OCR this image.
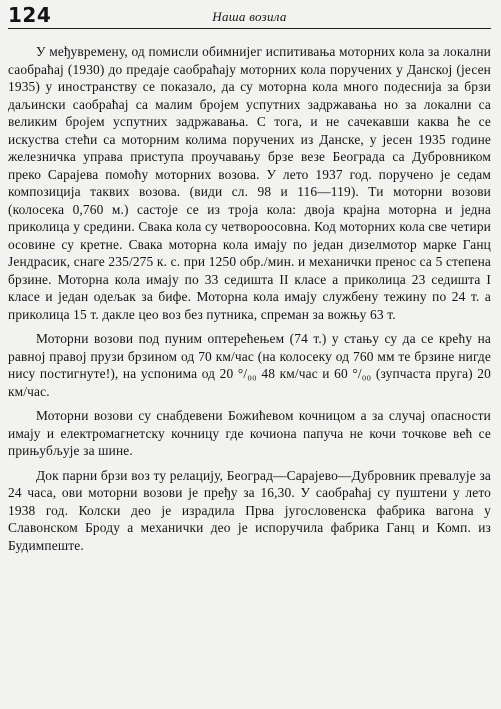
124	Наша возила

У међувремену, од помисли обимнијег испитивања моторних кола за локални саобраћај (1930) до предаје саобраћају моторних кола поручених у Данској (јесен 1935) у иностранству се показало, да су моторна кола много подеснија за брзи даљински саобраћај са малим бројем успутних задржавања но за локални са великим бројем успутних задржавања. С тога, и не сачекавши каква ће се искуства стећи са моторним колима поручених из Данске, у јесен 1935 године железничка управа приступа проучавању брзе везе Београда са Дубровником преко Сарајева помоћу моторних возова. У лето 1937 год. поручено је седам композиција таквих возова. (види сл. 98 и 116—119). Ти моторни возови (колосека 0,760 м.) састоје се из троја кола: двоја крајна моторна и једна приколица у средини. Свака кола су четвороосовна. Код моторних кола све четири осовине су кретне. Свака моторна кола имају по један дизелмотор марке Ганц Јендрасик, снаге 235/275 к. с. при 1250 обр./мин. и механички пренос са 5 степена брзине. Моторна кола имају по 33 седишта II класе а приколица 23 седишта I класе и један одељак за бифе. Моторна кола имају службену тежину по 24 т. а приколица 15 т. дакле цео воз без путника, спреман за вожњу 63 т.

Моторни возови под пуним оптерећењем (74 т.) у стању су да се крећу на равној правој прузи брзином од 70 км/час (на колосеку од 760 мм те брзине нигде нису постигнуте!), на успонима од 20 °/₀₀ 48 км/час и 60 °/₀₀ (зупчаста пруга) 20 км/час.

Моторни возови су снабдевени Божићевом кочницом а за случај опасности имају и електромагнетску кочницу где кочиона папуча не кочи точкове већ се прињубљује за шине.

Док парни брзи воз ту релацију, Београд—Сарајево—Дубровник превалује за 24 часа, ови моторни возови је пређу за 16,30. У саобраћај су пуштени у лето 1938 год. Колски део је израдила Прва југословенска фабрика вагона у Славонском Броду а механички део је испоручила фабрика Ганц и Комп. из Будимпеште.
